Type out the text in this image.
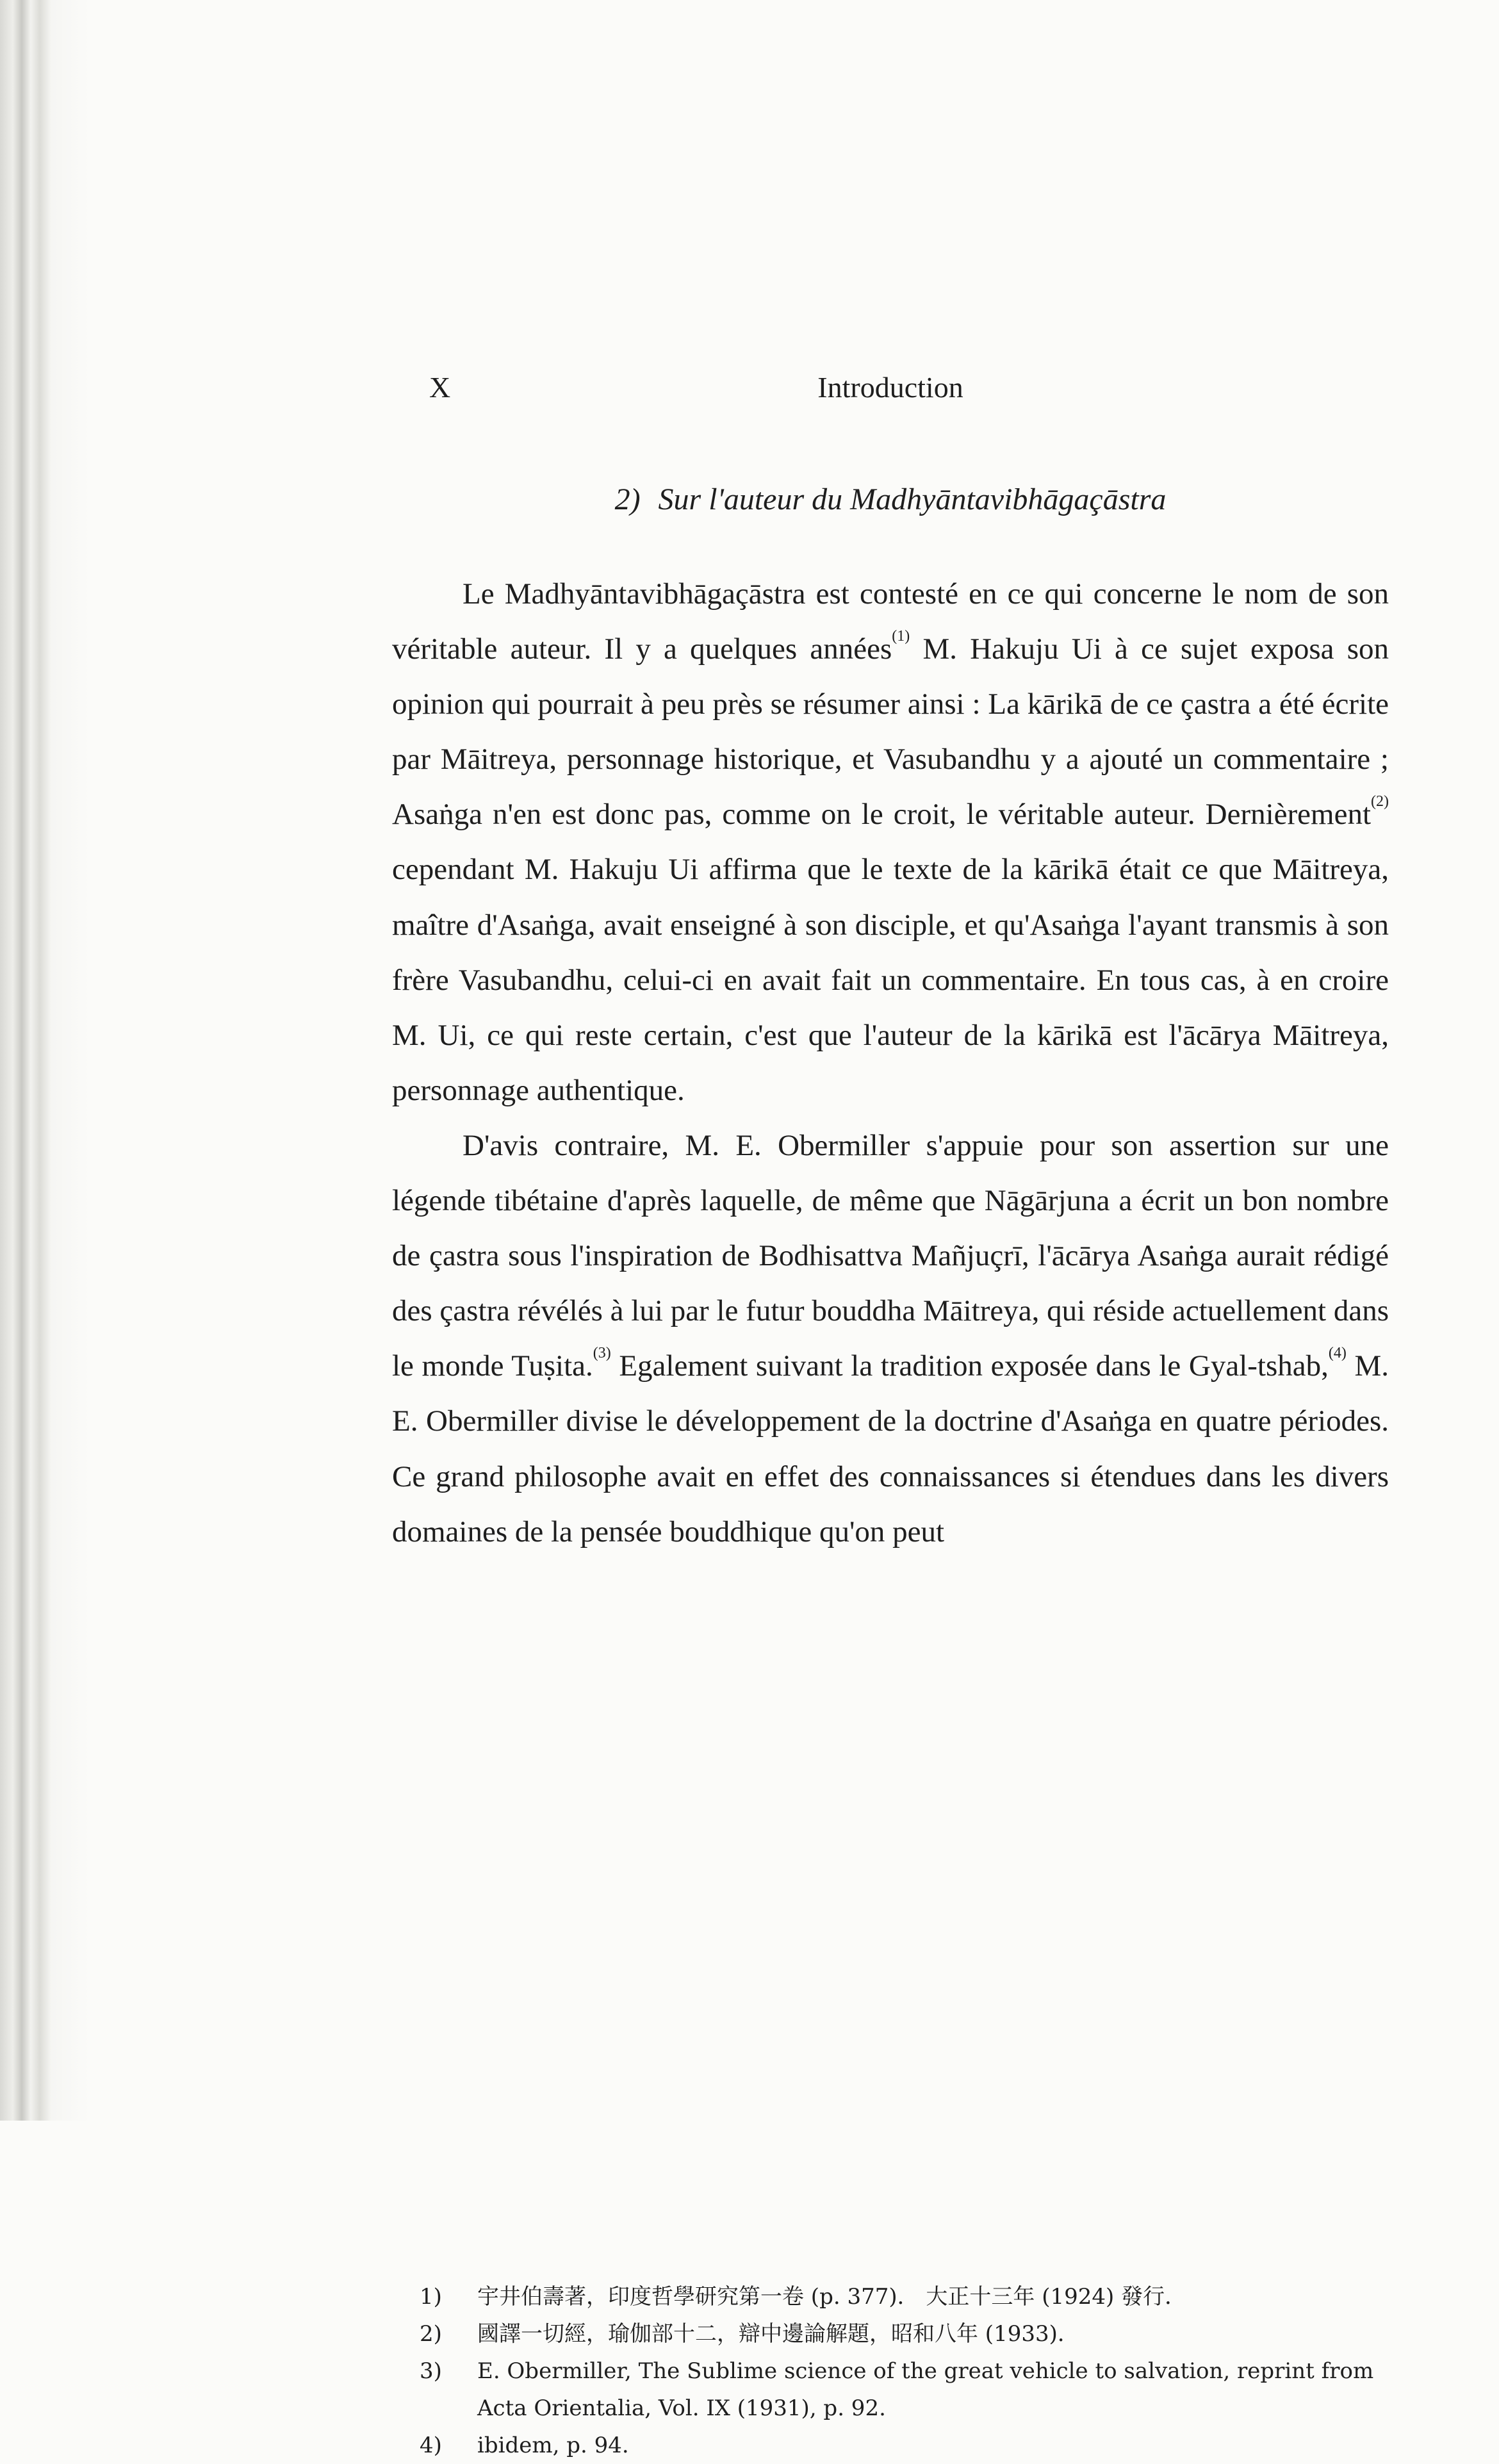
X	Introduction
2) Sur l'auteur du Madhyāntavibhāgaçāstra

Le Madhyāntavibhāgaçāstra est contesté en ce qui concerne le nom de son véritable auteur. Il y a quelques années$^{(1)}$ M. Hakuju Ui à ce sujet exposa son opinion qui pourrait à peu près se résumer ainsi : La kārikā de ce çastra a été écrite par Māitreya, personnage historique, et Vasubandhu y a ajouté un commentaire ; Asaṅga n'en est donc pas, comme on le croit, le véritable auteur. Dernièrement$^{(2)}$ cependant M. Hakuju Ui affirma que le texte de la kārikā était ce que Māitreya, maître d'Asaṅga, avait enseigné à son disciple, et qu'Asaṅga l'ayant transmis à son frère Vasubandhu, celui-ci en avait fait un commentaire. En tous cas, à en croire M. Ui, ce qui reste certain, c'est que l'auteur de la kārikā est l'ācārya Māitreya, personnage authentique.

D'avis contraire, M. E. Obermiller s'appuie pour son assertion sur une légende tibétaine d'après laquelle, de même que Nāgārjuna a écrit un bon nombre de çastra sous l'inspiration de Bodhisattva Mañjuçrī, l'ācārya Asaṅga aurait rédigé des çastra révélés à lui par le futur bouddha Māitreya, qui réside actuellement dans le monde Tuṣita.$^{(3)}$ Egalement suivant la tradition exposée dans le Gyal-tshab,$^{(4)}$ M. E. Obermiller divise le développement de la doctrine d'Asaṅga en quatre périodes. Ce grand philosophe avait en effet des connaissances si étendues dans les divers domaines de la pensée bouddhique qu'on peut

1) 宇井伯壽著，印度哲學研究第一卷 (p. 377)． 大正十三年 (1924) 發行．
2) 國譯一切經，瑜伽部十二，辯中邊論解題，昭和八年 (1933)．
3) E. Obermiller, The Sublime science of the great vehicle to salvation, reprint from Acta Orientalia, Vol. IX (1931), p. 92.
4) ibidem, p. 94.
